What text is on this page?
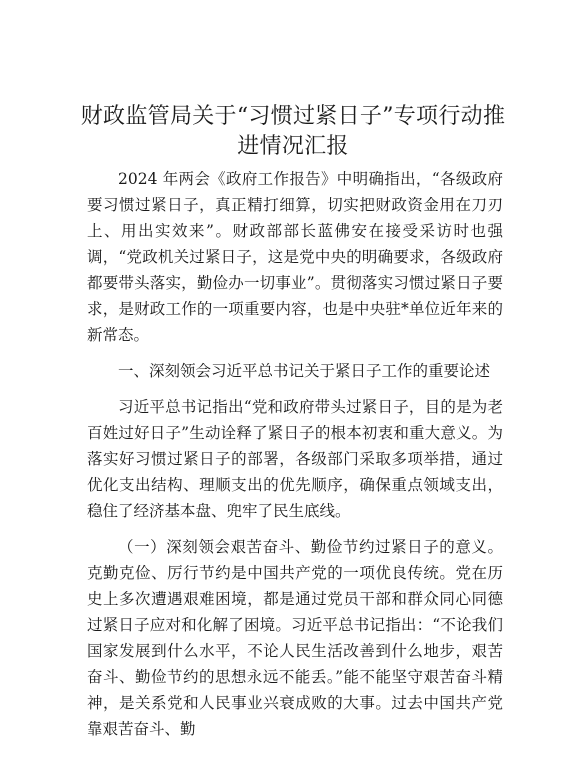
财政监管局关于“习惯过紧日子”专项行动推
进情况汇报

2024 年两会《政府工作报告》中明确指出，“各级政府要习惯过紧日子，真正精打细算，切实把财政资金用在刀刃上、用出实效来”。财政部部长蓝佛安在接受采访时也强调，“党政机关过紧日子，这是党中央的明确要求，各级政府都要带头落实，勤俭办一切事业”。贯彻落实习惯过紧日子要求，是财政工作的一项重要内容，也是中央驻*单位近年来的新常态。

一、深刻领会习近平总书记关于紧日子工作的重要论述

习近平总书记指出“党和政府带头过紧日子，目的是为老百姓过好日子”生动诠释了紧日子的根本初衷和重大意义。为落实好习惯过紧日子的部署，各级部门采取多项举措，通过优化支出结构、理顺支出的优先顺序，确保重点领域支出，稳住了经济基本盘、兜牢了民生底线。

（一）深刻领会艰苦奋斗、勤俭节约过紧日子的意义。克勤克俭、厉行节约是中国共产党的一项优良传统。党在历史上多次遭遇艰难困境，都是通过党员干部和群众同心同德过紧日子应对和化解了困境。习近平总书记指出：“不论我们国家发展到什么水平，不论人民生活改善到什么地步，艰苦奋斗、勤俭节约的思想永远不能丢。”能不能坚守艰苦奋斗精神，是关系党和人民事业兴衰成败的大事。过去中国共产党靠艰苦奋斗、勤
